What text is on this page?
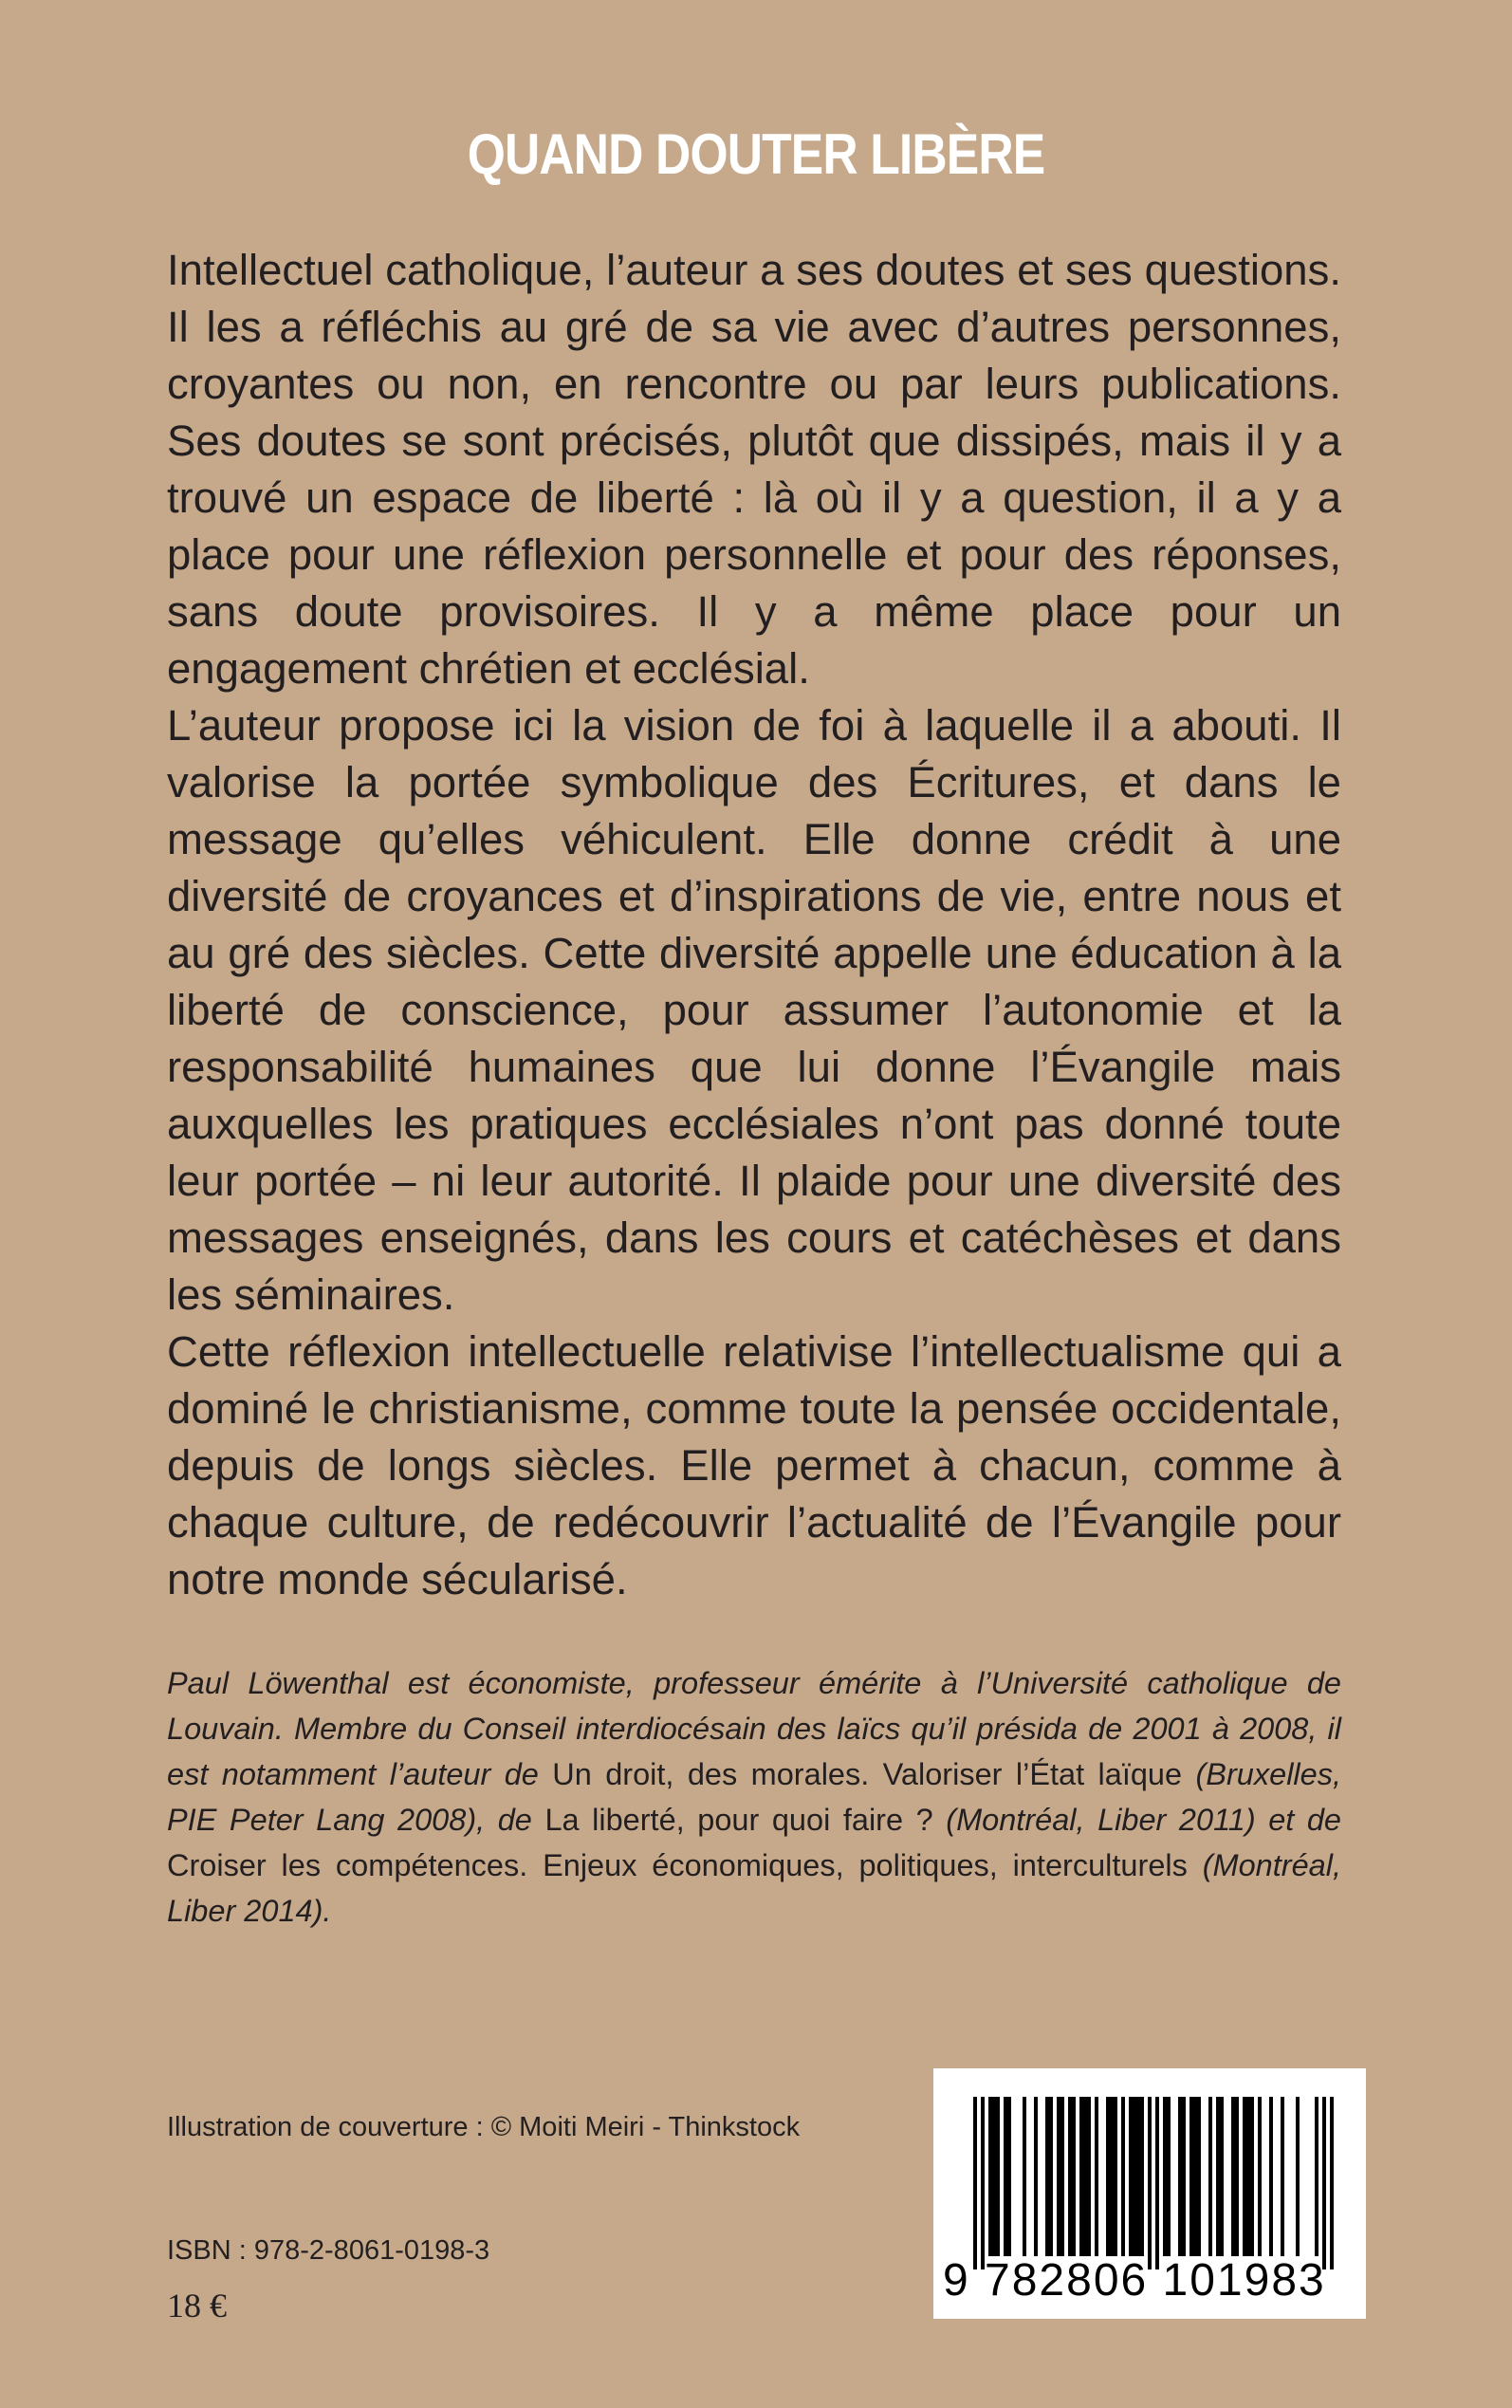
QUAND DOUTER LIBÈRE

Intellectuel catholique, l’auteur a ses doutes et ses questions. Il les a réfléchis au gré de sa vie avec d’autres personnes, croyantes ou non, en rencontre ou par leurs publications. Ses doutes se sont précisés, plutôt que dissipés, mais il y a trouvé un espace de liberté : là où il y a question, il a y a place pour une réflexion personnelle et pour des réponses, sans doute provisoires. Il y a même place pour un engagement chrétien et ecclésial.

L’auteur propose ici la vision de foi à laquelle il a abouti. Il valorise la portée symbolique des Écritures, et dans le message qu’elles véhiculent. Elle donne crédit à une diversité de croyances et d’inspirations de vie, entre nous et au gré des siècles. Cette diversité appelle une éducation à la liberté de conscience, pour assumer l’autonomie et la responsabilité humaines que lui donne l’Évangile mais auxquelles les pratiques ecclésiales n’ont pas donné toute leur portée – ni leur autorité. Il plaide pour une diversité des messages enseignés, dans les cours et catéchèses et dans les séminaires.

Cette réflexion intellectuelle relativise l’intellectualisme qui a dominé le christianisme, comme toute la pensée occidentale, depuis de longs siècles. Elle permet à chacun, comme à chaque culture, de redécouvrir l’actualité de l’Évangile pour notre monde sécularisé.

Paul Löwenthal est économiste, professeur émérite à l’Université catholique de Louvain. Membre du Conseil interdiocésain des laïcs qu’il présida de 2001 à 2008, il est notamment l’auteur de Un droit, des morales. Valoriser l’État laïque (Bruxelles, PIE Peter Lang 2008), de La liberté, pour quoi faire ? (Montréal, Liber 2011) et de Croiser les compétences. Enjeux économiques, politiques, interculturels (Montréal, Liber 2014).
Illustration de couverture : © Moiti Meiri - Thinkstock
ISBN : 978-2-8061-0198-3
18 €	9 782806 101983
